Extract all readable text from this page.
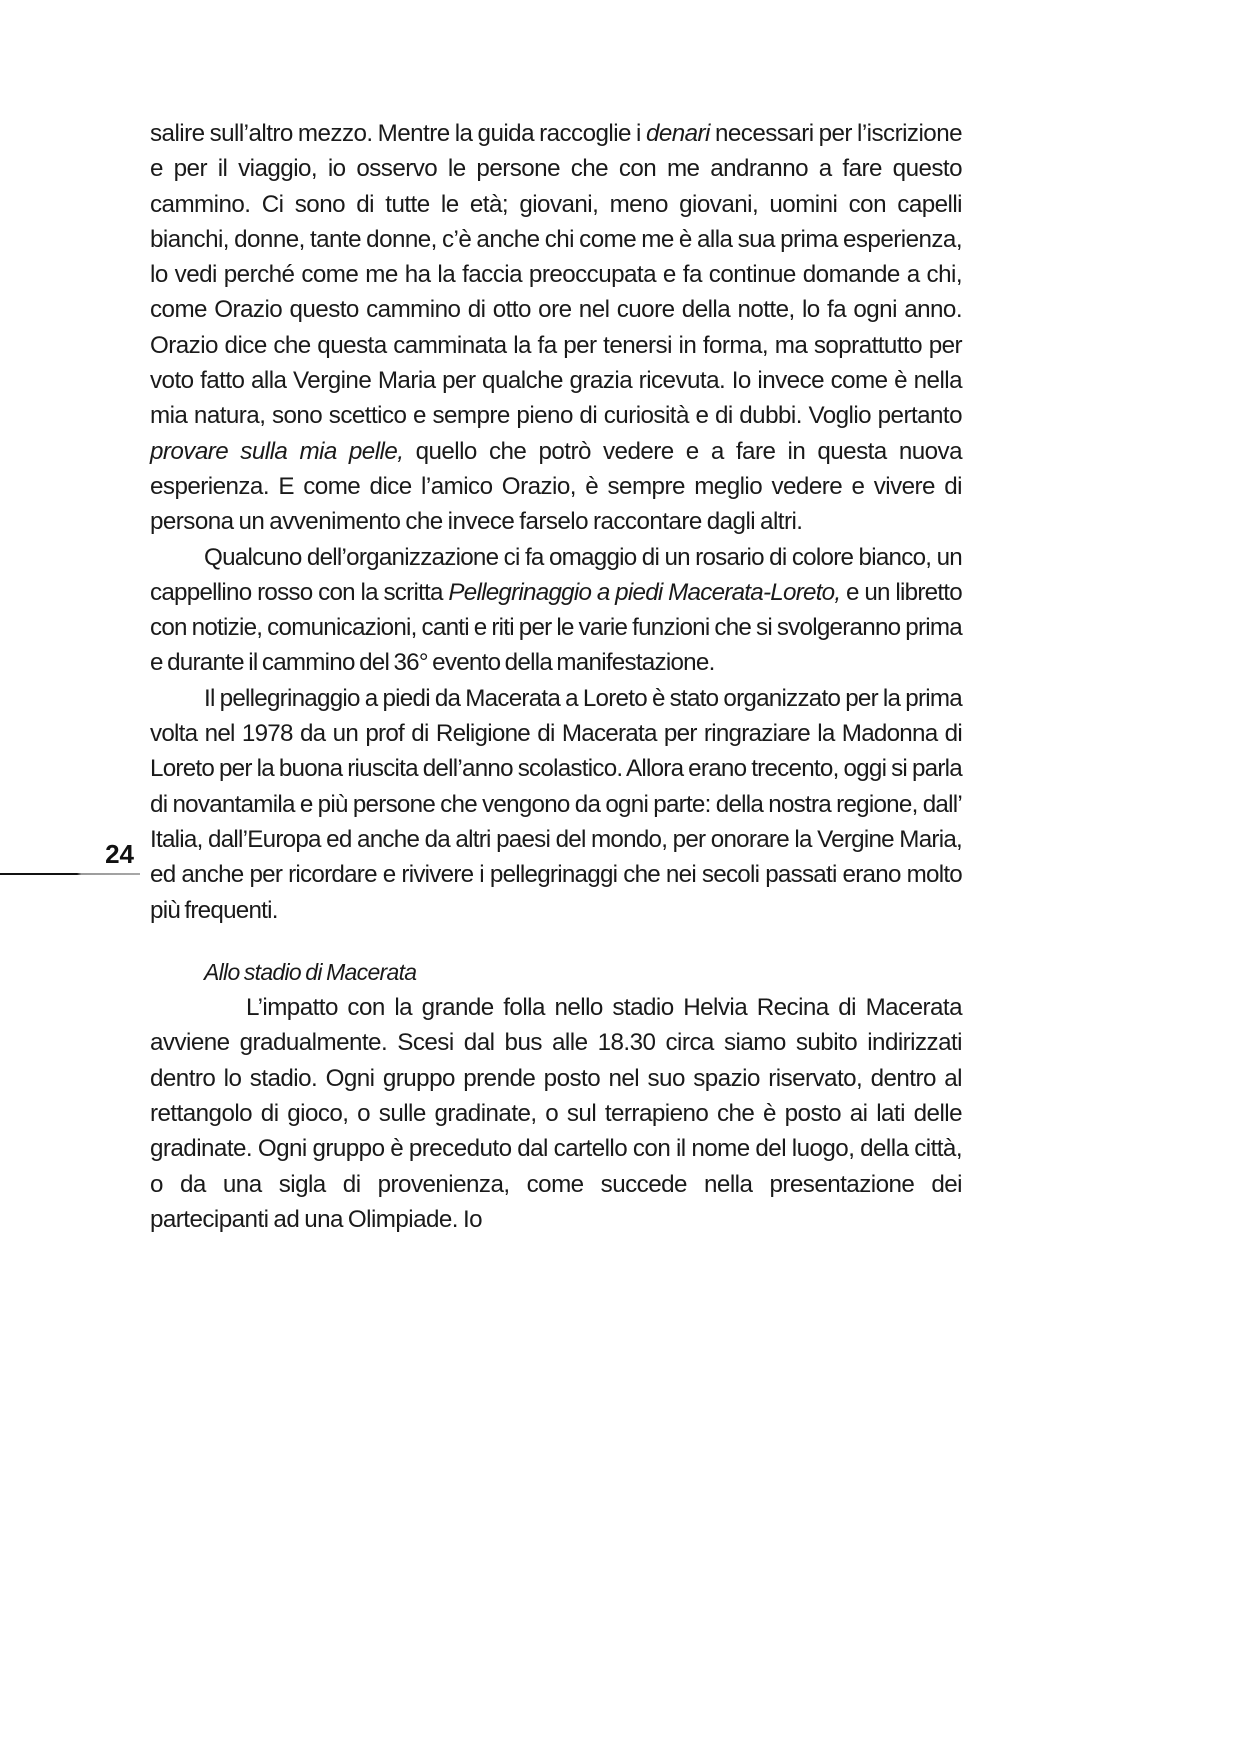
24

salire sull’altro mezzo. Mentre la guida raccoglie i denari necessari per l’iscrizione e per il viaggio, io osservo le persone che con me andranno a fare questo cammino. Ci sono di tutte le età; giovani, meno giovani, uomini con capelli bianchi, donne, tante donne, c’è anche chi come me è alla sua prima esperienza, lo vedi perché come me ha la faccia preoccupata e fa continue domande a chi, come Orazio questo cammino di otto ore nel cuore della notte, lo fa ogni anno. Orazio dice che questa camminata la fa per tenersi in forma, ma soprattutto per voto fatto alla Vergine Maria per qualche grazia ricevuta. Io invece come è nella mia natura, sono scettico e sempre pieno di curiosità e di dubbi. Voglio pertanto provare sulla mia pelle, quello che potrò vedere e a fare in questa nuova esperienza. E come dice l’amico Orazio, è sempre meglio vedere e vivere di persona un avvenimento che invece farselo raccontare dagli altri.

Qualcuno dell’organizzazione ci fa omaggio di un rosario di colore bianco, un cappellino rosso con la scritta Pellegrinaggio a piedi Macerata-Loreto, e un libretto con notizie, comunicazioni, canti e riti per le varie funzioni che si svolgeranno prima e durante il cammino del 36° evento della manifestazione.

Il pellegrinaggio a piedi da Macerata a Loreto è stato organizzato per la prima volta nel 1978 da un prof di Religione di Macerata per ringraziare la Madonna di Loreto per la buona riuscita dell’anno scolastico. Allora erano trecento, oggi si parla di novantamila e più persone che vengono da ogni parte: della nostra regione, dall’ Italia, dall’Europa ed anche da altri paesi del mondo, per onorare la Vergine Maria, ed anche per ricordare e rivivere i pellegrinaggi che nei secoli passati erano molto più frequenti.

Allo stadio di Macerata

L’impatto con la grande folla nello stadio Helvia Recina di Macerata avviene gradualmente. Scesi dal bus alle 18.30 circa siamo subito indirizzati dentro lo stadio. Ogni gruppo prende posto nel suo spazio riservato, dentro al rettangolo di gioco, o sulle gradinate, o sul terrapieno che è posto ai lati delle gradinate. Ogni gruppo è preceduto dal cartello con il nome del luogo, della città, o da una sigla di provenienza, come succede nella presentazione dei partecipanti ad una Olimpiade. Io
